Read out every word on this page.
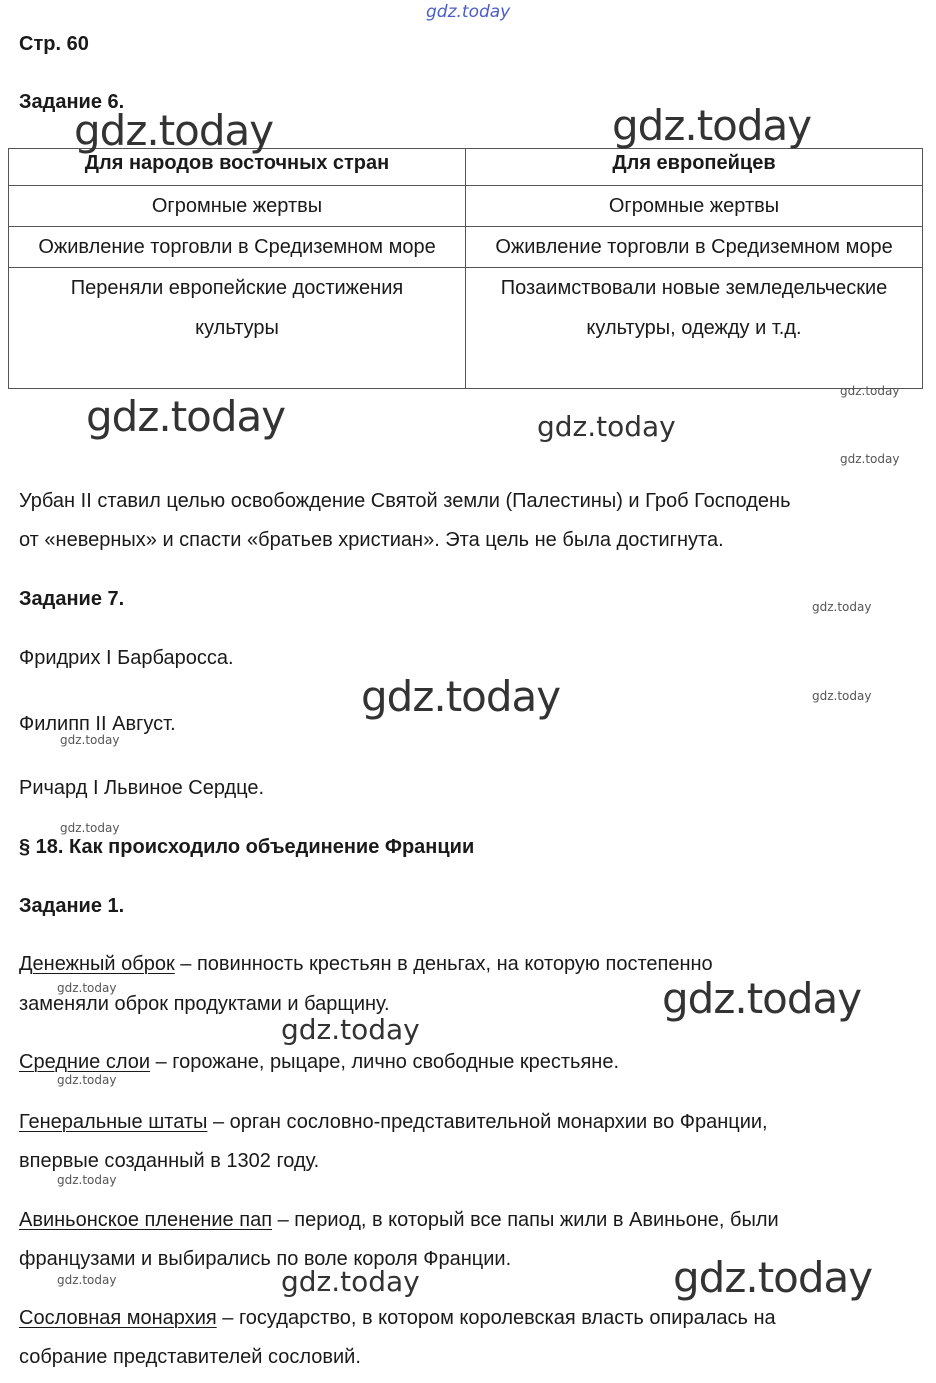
gdz.today
Стр. 60
Задание 6.
Для народов восточных стран	Для европейцев
Огромные жертвы	Огромные жертвы
Оживление торговли в Средиземном море	Оживление торговли в Средиземном море
Переняли европейские достижения культуры	Позаимствовали новые земледельческие культуры, одежду и т.д.
Урбан II ставил целью освобождение Святой земли (Палестины) и Гроб Господень
от «неверных» и спасти «братьев христиан». Эта цель не была достигнута.
Задание 7.
Фридрих I Барбаросса.
Филипп II Август.
Ричард I Львиное Сердце.
§ 18. Как происходило объединение Франции
Задание 1.
Денежный оброк – повинность крестьян в деньгах, на которую постепенно
заменяли оброк продуктами и барщину.
Средние слои – горожане, рыцаре, лично свободные крестьяне.
Генеральные штаты – орган сословно-представительной монархии во Франции,
впервые созданный в 1302 году.
Авиньонское пленение пап – период, в который все папы жили в Авиньоне, были
французами и выбирались по воле короля Франции.
Сословная монархия – государство, в котором королевская власть опиралась на
собрание представителей сословий.
gdz.today	gdz.today
gdz.today	gdz.today
gdz.today
gdz.today
gdz.today
gdz.today
gdz.today
gdz.today
gdz.today
gdz.today
gdz.today
gdz.today
gdz.today
gdz.today
gdz.today
gdz.today
gdz.today
